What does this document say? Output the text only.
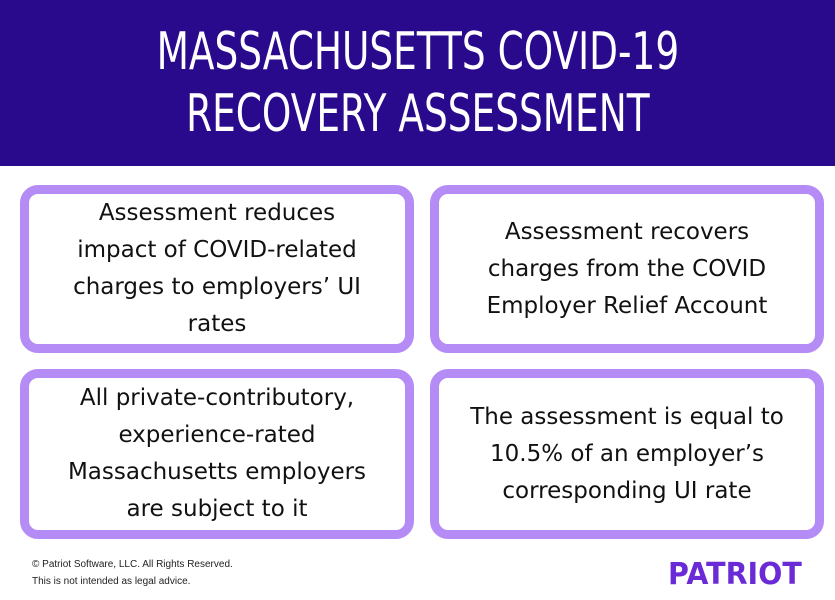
MASSACHUSETTS COVID-19
RECOVERY ASSESSMENT
Assessment reduces
impact of COVID-related
charges to employers’ UI
rates
Assessment recovers
charges from the COVID
Employer Relief Account
All private-contributory,
experience-rated
Massachusetts employers
are subject to it
The assessment is equal to
10.5% of an employer’s
corresponding UI rate
© Patriot Software, LLC. All Rights Reserved.
This is not intended as legal advice.	PATRIOT
